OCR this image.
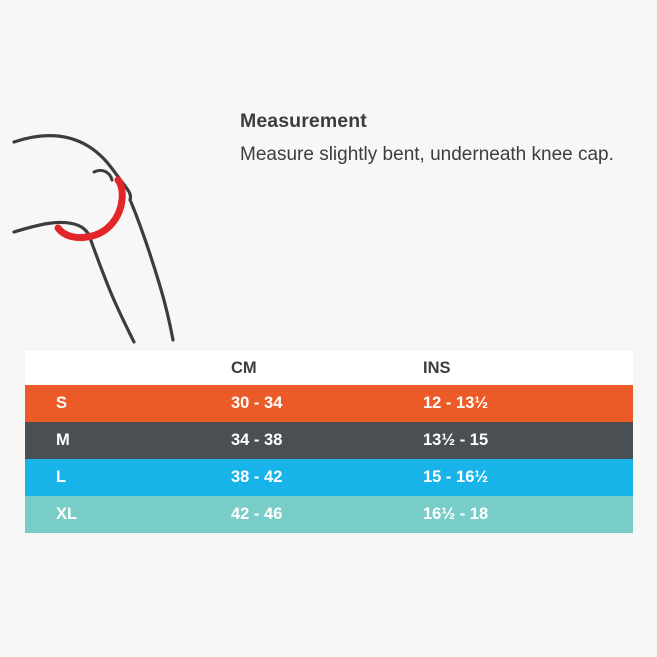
Measurement
Measure slightly bent, underneath knee cap.
	CM	INS
S	30 - 34	12 - 13½
M	34 - 38	13½ - 15
L	38 - 42	15 - 16½
XL	42 - 46	16½ - 18
